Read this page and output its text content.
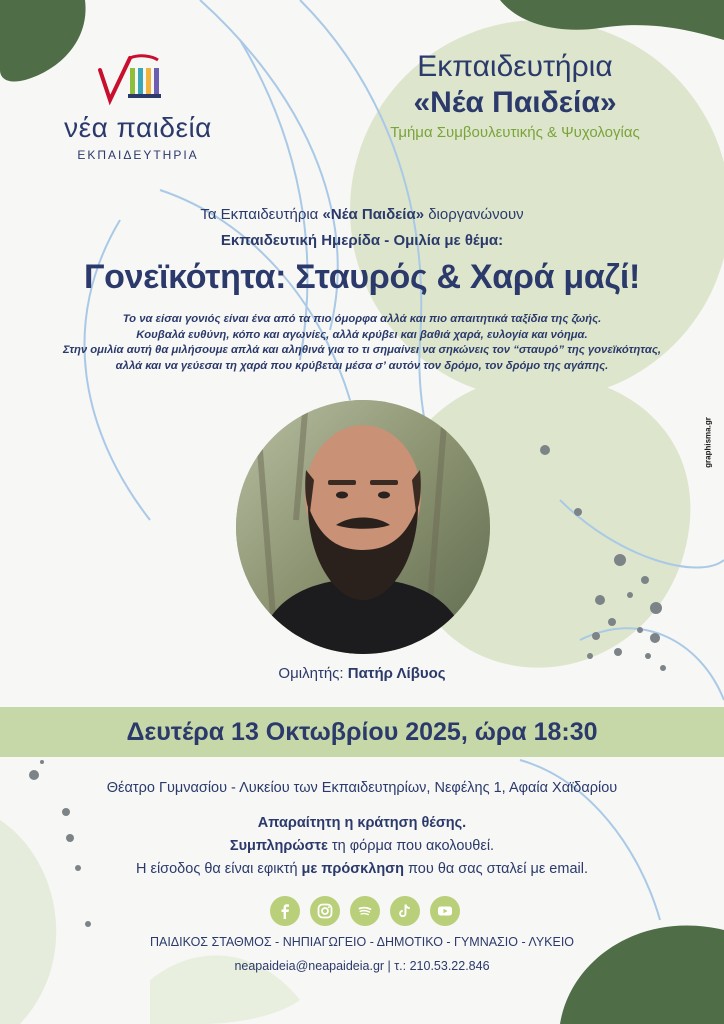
νέα παιδεία
ΕΚΠΑΙΔΕΥΤΗΡΙΑ
Εκπαιδευτήρια
«Νέα Παιδεία»
Τμήμα Συμβουλευτικής & Ψυχολογίας
Τα Εκπαιδευτήρια «Νέα Παιδεία» διοργανώνουν
Εκπαιδευτική Ημερίδα - Ομιλία με θέμα:
Γονεϊκότητα: Σταυρός & Χαρά μαζί!
Το να είσαι γονιός είναι ένα από τα πιο όμορφα αλλά και πιο απαιτητικά ταξίδια της ζωής.
Κουβαλά ευθύνη, κόπο και αγωνίες, αλλά κρύβει και βαθιά χαρά, ευλογία και νόημα.
Στην ομιλία αυτή θα μιλήσουμε απλά και αληθινά για το τι σημαίνει να σηκώνεις τον “σταυρό” της γονεϊκότητας,
αλλά και να γεύεσαι τη χαρά που κρύβεται μέσα σ’ αυτόν τον δρόμο, τον δρόμο της αγάπης.
Ομιλητής: Πατήρ Λίβυος
Δευτέρα 13 Οκτωβρίου 2025, ώρα 18:30
Θέατρο Γυμνασίου - Λυκείου των Εκπαιδευτηρίων, Νεφέλης 1, Αφαία Χαϊδαρίου
Απαραίτητη η κράτηση θέσης.
Συμπληρώστε τη φόρμα που ακολουθεί.
Η είσοδος θα είναι εφικτή με πρόσκληση που θα σας σταλεί με email.
ΠΑΙΔΙΚΟΣ ΣΤΑΘΜΟΣ - ΝΗΠΙΑΓΩΓΕΙΟ - ΔΗΜΟΤΙΚΟ - ΓΥΜΝΑΣΙΟ - ΛΥΚΕΙΟ
neapaideia@neapaideia.gr | τ.: 210.53.22.846
graphisma.gr
